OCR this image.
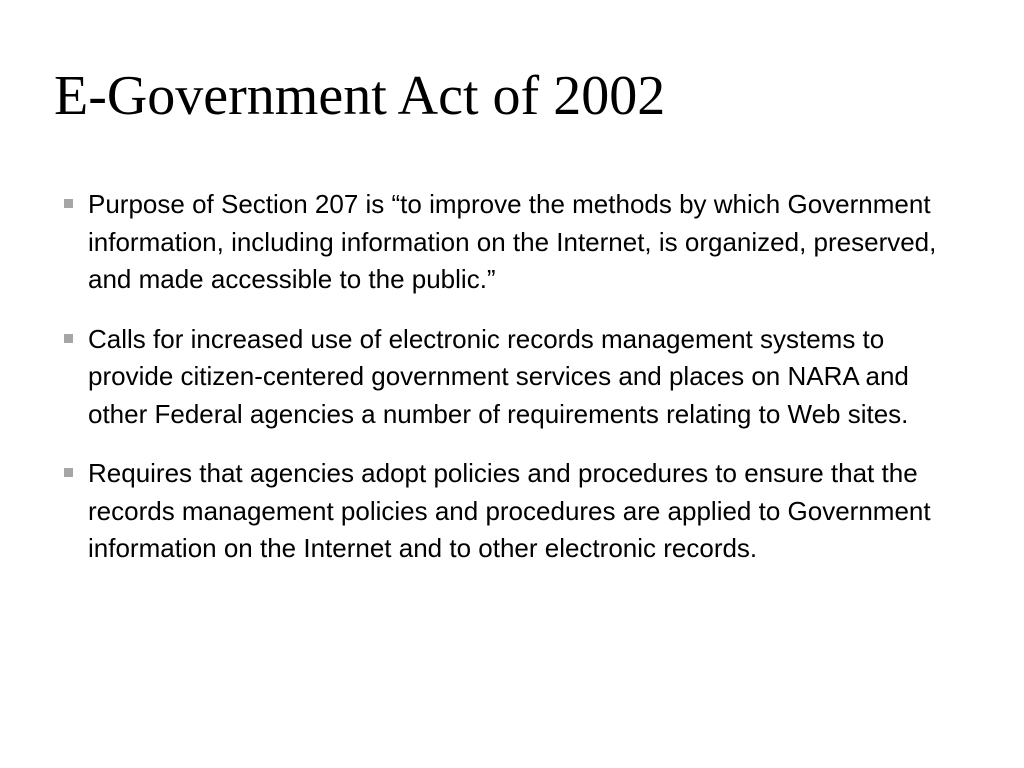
E-Government Act of 2002
Purpose of Section 207 is “to improve the methods by which Government information, including information on the Internet, is organized, preserved, and made accessible to the public.”
Calls for increased use of electronic records management systems to provide citizen-centered government services and places on NARA and other Federal agencies a number of requirements relating to Web sites.
Requires that agencies adopt policies and procedures to ensure that the records management policies and procedures are applied to Government information on the Internet and to other electronic records.
